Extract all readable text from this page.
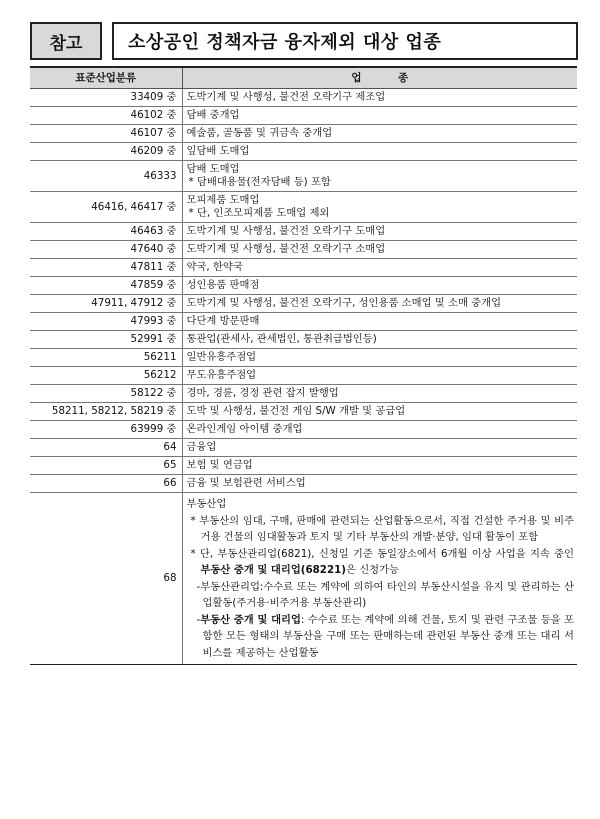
참고	소상공인 정책자금 융자제외 대상 업종
표준산업분류	업          종
33409 중	도박기계 및 사행성, 불건전 오락기구 제조업

46102 중	담배 중개업

46107 중	예술품, 골동품 및 귀금속 중개업

46209 중	잎담배 도매업

46333	담배 도매업
* 담배대용물(전자담배 등) 포함

46416, 46417 중	모피제품 도매업
* 단, 인조모피제품 도매업 제외

46463 중	도박기계 및 사행성, 불건전 오락기구 도매업

47640 중	도박기계 및 사행성, 불건전 오락기구 소매업

47811 중	약국, 한약국

47859 중	성인용품 판매점

47911, 47912 중	도박기계 및 사행성, 불건전 오락기구, 성인용품 소매업 및 소매 중개업

47993 중	다단계 방문판매

52991 중	통관업(관세사, 관세법인, 통관취급법인등)

56211	일반유흥주점업

56212	무도유흥주점업

58122 중	경마, 경륜, 경정 관련 잡지 발행업

58211, 58212, 58219 중	도박 및 사행성, 불건전 게임 S/W 개발 및 공급업

63999 중	온라인게임 아이템 중개업

64	금융업

65	보험 및 연금업

66	금융 및 보험관련 서비스업

68	부동산업
* 부동산의 임대, 구매, 판매에 관련되는 산업활동으로서, 직접 건설한 주거용 및 비주거용 건물의 임대활동과 토지 및 기타 부동산의 개발·분양, 임대 활동이 포함
* 단, 부동산관리업(6821), 신청일 기준 동일장소에서 6개월 이상 사업을 지속 중인 부동산 중개 및 대리업(68221)은 신청가능
-부동산관리업:수수료 또는 계약에 의하여 타인의 부동산시설을 유지 및 관리하는 산업활동(주거용·비주거용 부동산관리)
-부동산 중개 및 대리업: 수수료 또는 계약에 의해 건물, 토지 및 관련 구조물 등을 포함한 모든 형태의 부동산을 구매 또는 판매하는데 관련된 부동산 중개 또는 대리 서비스를 제공하는 산업활동
